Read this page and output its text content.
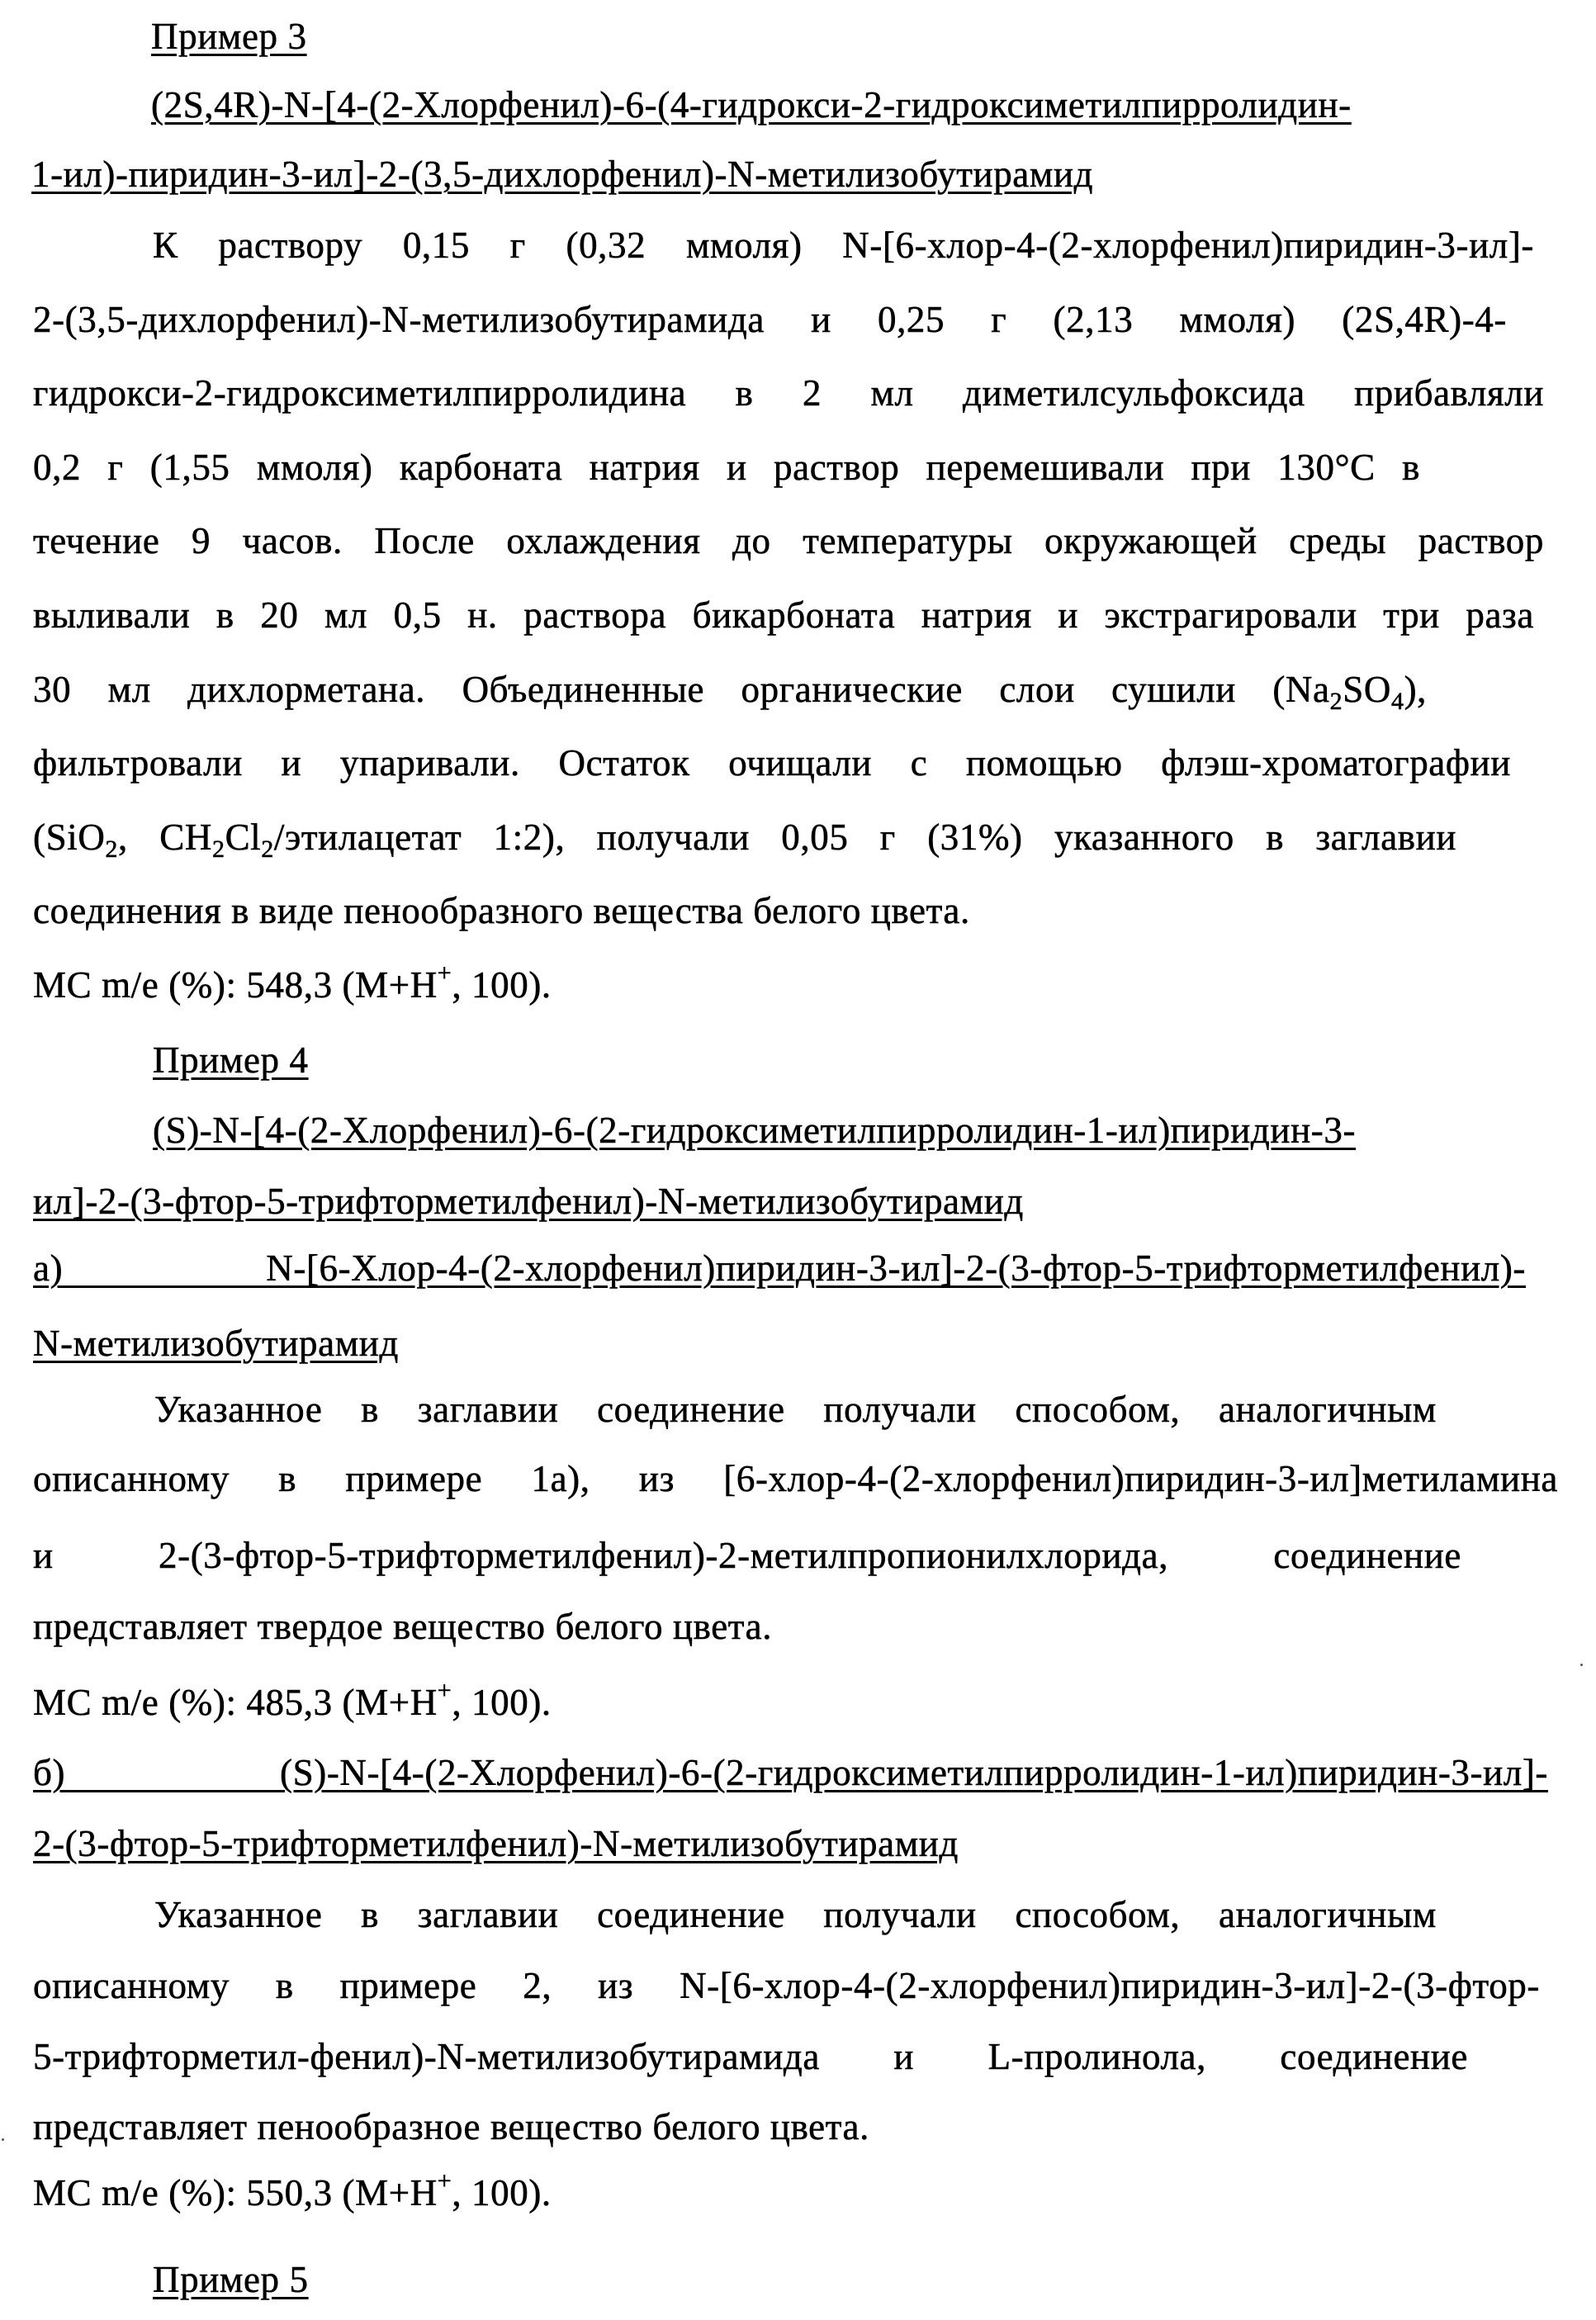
Пример 3
(2S,4R)-N-[4-(2-Хлорфенил)-6-(4-гидрокси-2-гидроксиметилпирролидин-
1-ил)-пиридин-3-ил]-2-(3,5-дихлорфенил)-N-метилизобутирамид
К раствору 0,15 г (0,32 ммоля) N-[6-хлор-4-(2-хлорфенил)пиридин-3-ил]-
2-(3,5-дихлорфенил)-N-метилизобутирамида и 0,25 г (2,13 ммоля) (2S,4R)-4-
гидрокси-2-гидроксиметилпирролидина в 2 мл диметилсульфоксида прибавляли
0,2 г (1,55 ммоля) карбоната натрия и раствор перемешивали при 130°C в
течение 9 часов. После охлаждения до температуры окружающей среды раствор
выливали в 20 мл 0,5 н. раствора бикарбоната натрия и экстрагировали три раза
30 мл дихлорметана. Объединенные органические слои сушили $(Na_2SO_4)$,
фильтровали и упаривали. Остаток очищали с помощью флэш-хроматографии
(SiO$_2$, $CH_2Cl_2$/этилацетат 1:2), получали 0,05 г (31%) указанного в заглавии
соединения в виде пенообразного вещества белого цвета.
МС m/e (%): 548,3 (M+H+, 100).
Пример 4
(S)-N-[4-(2-Хлорфенил)-6-(2-гидроксиметилпирролидин-1-ил)пиридин-3-
ил]-2-(3-фтор-5-трифторметилфенил)-N-метилизобутирамид
а) N-[6-Хлор-4-(2-хлорфенил)пиридин-3-ил]-2-(3-фтор-5-трифторметилфенил)-
N-метилизобутирамид
Указанное в заглавии соединение получали способом, аналогичным
описанному в примере 1а), из [6-хлор-4-(2-хлорфенил)пиридин-3-ил]метиламина
и 2-(3-фтор-5-трифторметилфенил)-2-метилпропионилхлорида, соединение
представляет твердое вещество белого цвета.
МС m/e (%): 485,3 (M+H+, 100).
б) (S)-N-[4-(2-Хлорфенил)-6-(2-гидроксиметилпирролидин-1-ил)пиридин-3-ил]-
2-(3-фтор-5-трифторметилфенил)-N-метилизобутирамид
Указанное в заглавии соединение получали способом, аналогичным
описанному в примере 2, из N-[6-хлор-4-(2-хлорфенил)пиридин-3-ил]-2-(3-фтор-
5-трифторметил-фенил)-N-метилизобутирамида и L-пролинола, соединение
представляет пенообразное вещество белого цвета.
МС m/e (%): 550,3 (M+H+, 100).
Пример 5
